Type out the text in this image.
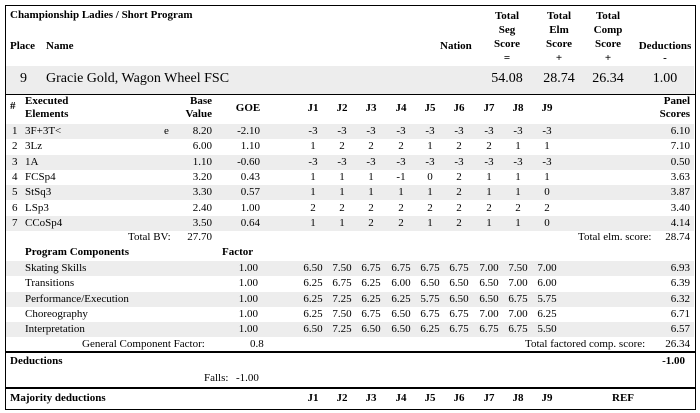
Championship Ladies / Short Program
Place Name	Nation
Total
Seg
Score
=
Total
Elm
Score
+
Total
Comp
Score
+
Deductions
-
9 Gracie Gold, Wagon Wheel FSC	54.08	28.74	26.34	1.00
# Executed
Elements
Base
Value	GOE	J1	J2	J3	J4	J5	J6	J7	J8	J9
Panel
Scores
1 3F+3T<	e	8.20	-2.10	-3	-3	-3	-3	-3	-3	-3	-3	-3	6.10
2 3Lz	6.00	1.10	1	2	2	2	1	2	2	1	1	7.10
3 1A	1.10	-0.60	-3	-3	-3	-3	-3	-3	-3	-3	-3	0.50
4 FCSp4	3.20	0.43	1	1	1	-1	0	2	1	1	1	3.63
5 StSq3	3.30	0.57	1	1	1	1	1	2	1	1	0	3.87
6 LSp3	2.40	1.00	2	2	2	2	2	2	2	2	2	3.40
7 CCoSp4	3.50	0.64	1	1	2	2	1	2	1	1	0	4.14
Total BV:	27.70	Total elm. score:	28.74
Program Components	Factor
Skating Skills	1.00	6.50 7.50 6.75 6.75 6.75 6.75 7.00 7.50 7.00	6.93
Transitions	1.00	6.25 6.75 6.25 6.00 6.50 6.50 6.50 7.00 6.00	6.39
Performance/Execution	1.00	6.25 7.25 6.25 6.25 5.75 6.50 6.50 6.75 5.75	6.32
Choreography	1.00	6.25 7.50 6.75 6.50 6.75 6.75 7.00 7.00 6.25	6.71
Interpretation	1.00	6.50 7.25 6.50 6.50 6.25 6.75 6.75 6.75 5.50	6.57
General Component Factor:	0.8	Total factored comp. score:	26.34
Deductions	-1.00
Falls: -1.00
Majority deductions	J1	J2	J3	J4	J5	J6	J7	J8	J9	REF
